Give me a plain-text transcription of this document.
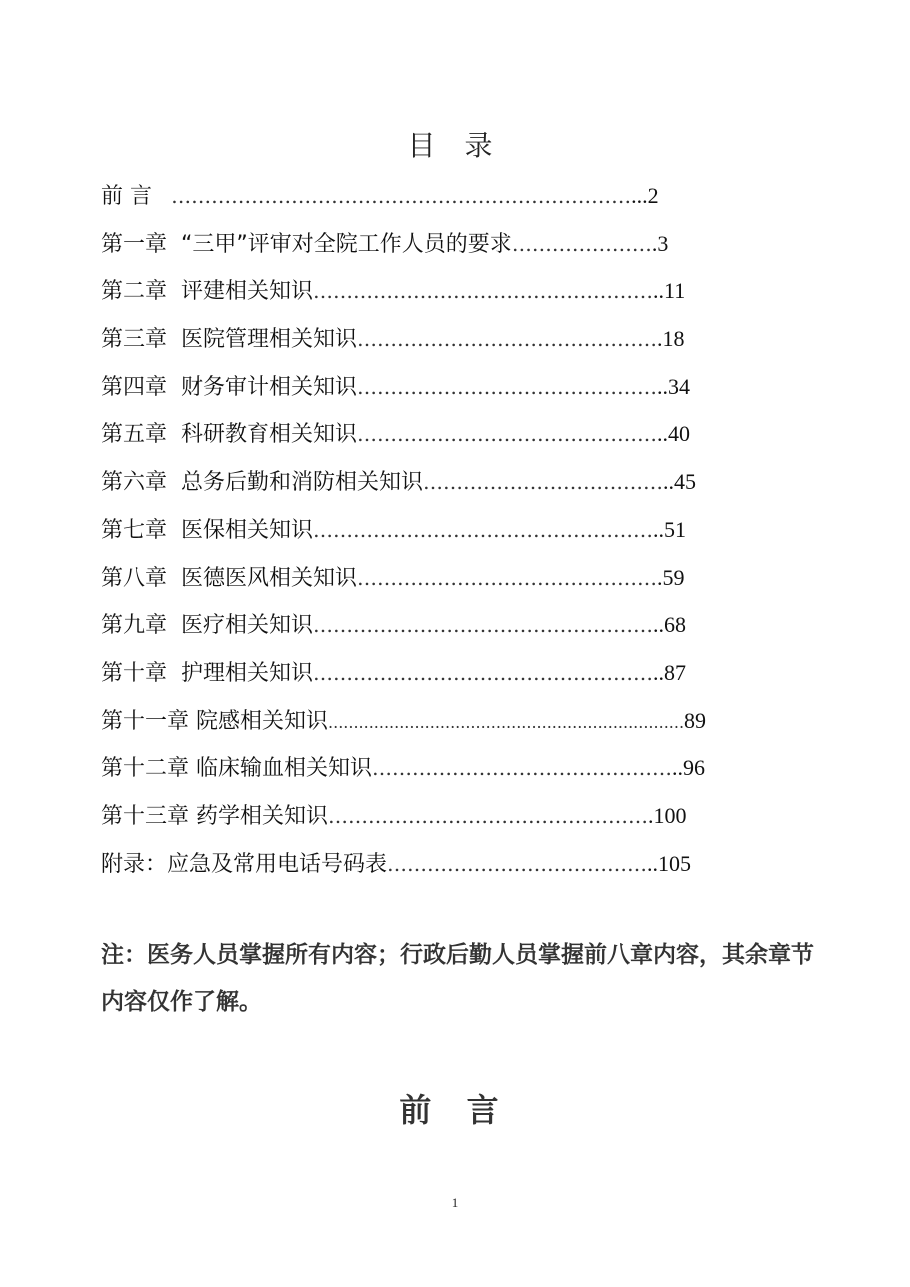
目 录
前 言 …………………………………………………………… ...2
第一章 “三甲”评审对全院工作人员的要求 ………………… .3
第二章 评建相关知识 …………………………………………… ..11
第三章 医院管理相关知识 ……………………………………… .18
第四章 财务审计相关知识 ……………………………………… ..34
第五章 科研教育相关知识 ……………………………………… ..40
第六章 总务后勤和消防相关知识 ……………………………… ..45
第七章 医保相关知识 …………………………………………… ..51
第八章 医德医风相关知识 ……………………………………… .59
第九章 医疗相关知识 …………………………………………… ..68
第十章 护理相关知识 …………………………………………… ..87
第十一章 院感相关知识 ...................................................................... 89
第十二章 临床输血相关知识 ……………………………………… ..96
第十三章 药学相关知识 ………………………………………… .100
附录： 应急及常用电话号码表 ………………………………… ..105
注：医务人员掌握所有内容；行政后勤人员掌握前八章内容，其余章节内容仅作了解。
前 言
1
